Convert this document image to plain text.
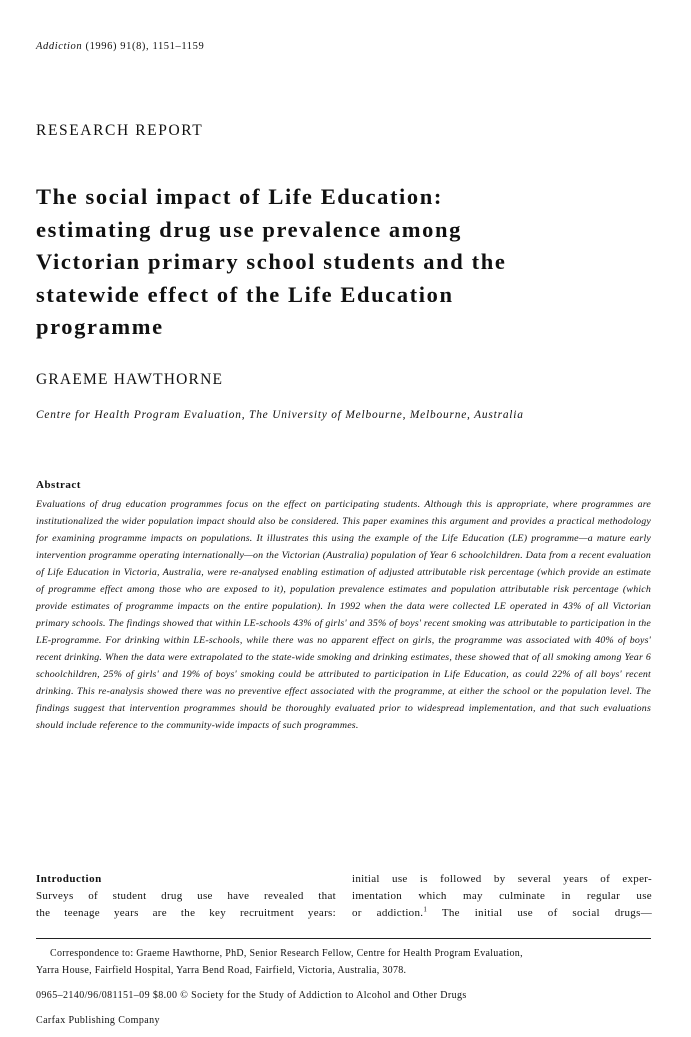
Addiction (1996) 91(8), 1151–1159
RESEARCH REPORT
The social impact of Life Education:
estimating drug use prevalence among
Victorian primary school students and the
statewide effect of the Life Education
programme
GRAEME HAWTHORNE
Centre for Health Program Evaluation, The University of Melbourne, Melbourne, Australia
Abstract

Evaluations of drug education programmes focus on the effect on participating students. Although this is appropriate, where programmes are institutionalized the wider population impact should also be considered. This paper examines this argument and provides a practical methodology for examining programme impacts on populations. It illustrates this using the example of the Life Education (LE) programme—a mature early intervention programme operating internationally—on the Victorian (Australia) population of Year 6 schoolchildren. Data from a recent evaluation of Life Education in Victoria, Australia, were re-analysed enabling estimation of adjusted attributable risk percentage (which provide an estimate of programme effect among those who are exposed to it), population prevalence estimates and population attributable risk percentage (which provide estimates of programme impacts on the entire population). In 1992 when the data were collected LE operated in 43% of all Victorian primary schools. The findings showed that within LE-schools 43% of girls' and 35% of boys' recent smoking was attributable to participation in the LE-programme. For drinking within LE-schools, while there was no apparent effect on girls, the programme was associated with 40% of boys' recent drinking. When the data were extrapolated to the state-wide smoking and drinking estimates, these showed that of all smoking among Year 6 schoolchildren, 25% of girls' and 19% of boys' smoking could be attributed to participation in Life Education, as could 22% of all boys' recent drinking. This re-analysis showed there was no preventive effect associated with the programme, at either the school or the population level. The findings suggest that intervention programmes should be thoroughly evaluated prior to widespread implementation, and that such evaluations should include reference to the community-wide impacts of such programmes.

Introduction

Surveys of student drug use have revealed that

the teenage years are the key recruitment years:

initial use is followed by several years of exper-

imentation which may culminate in regular use

or addiction.$^1$ The initial use of social drugs—

Correspondence to: Graeme Hawthorne, PhD, Senior Research Fellow, Centre for Health Program Evaluation,
Yarra House, Fairfield Hospital, Yarra Bend Road, Fairfield, Victoria, Australia, 3078.
0965–2140/96/081151–09 $8.00 © Society for the Study of Addiction to Alcohol and Other Drugs
Carfax Publishing Company
